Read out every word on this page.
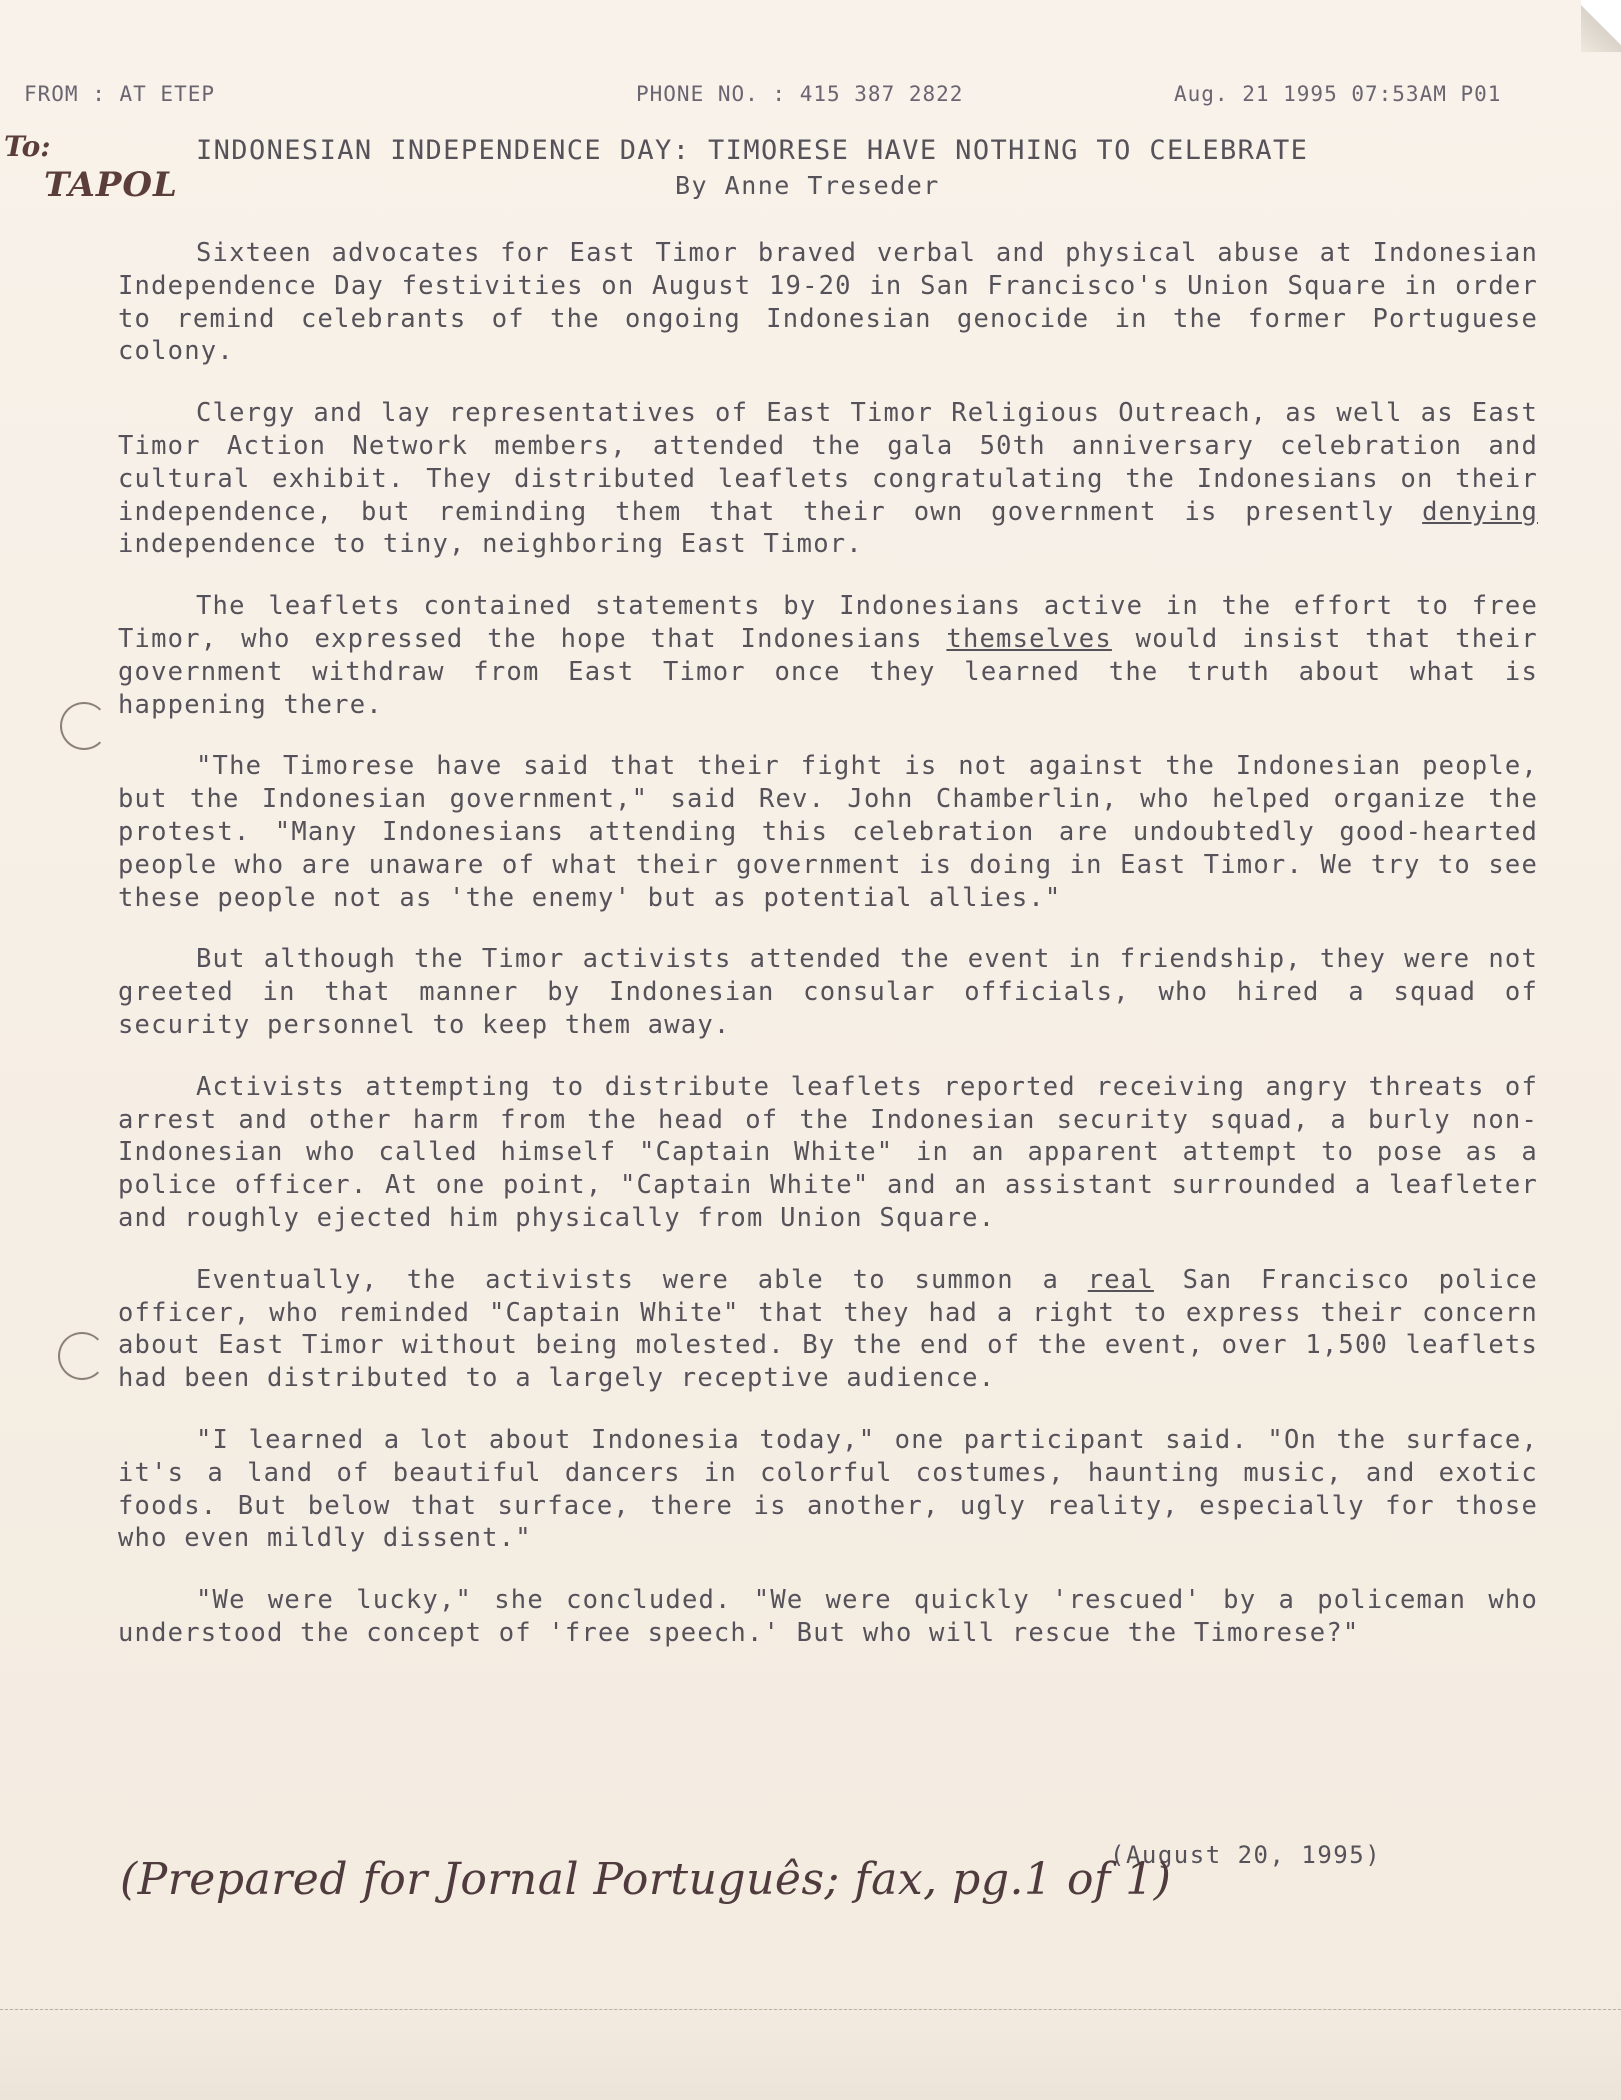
FROM : AT ETEP	PHONE NO. : 415 387 2822	Aug. 21 1995 07:53AM P01
To:
TAPOL
INDONESIAN INDEPENDENCE DAY: TIMORESE HAVE NOTHING TO CELEBRATE
By Anne Treseder

Sixteen advocates for East Timor braved verbal and physical abuse at Indonesian Independence Day festivities on August 19-20 in San Francisco's Union Square in order to remind celebrants of the ongoing Indonesian genocide in the former Portuguese colony.

Clergy and lay representatives of East Timor Religious Outreach, as well as East Timor Action Network members, attended the gala 50th anniversary celebration and cultural exhibit. They distributed leaflets congratulating the Indonesians on their independence, but reminding them that their own government is presently denying independence to tiny, neighboring East Timor.

The leaflets contained statements by Indonesians active in the effort to free Timor, who expressed the hope that Indonesians themselves would insist that their government withdraw from East Timor once they learned the truth about what is happening there.

"The Timorese have said that their fight is not against the Indonesian people, but the Indonesian government," said Rev. John Chamberlin, who helped organize the protest. "Many Indonesians attending this celebration are undoubtedly good-hearted people who are unaware of what their government is doing in East Timor. We try to see these people not as 'the enemy' but as potential allies."

But although the Timor activists attended the event in friendship, they were not greeted in that manner by Indonesian consular officials, who hired a squad of security personnel to keep them away.

Activists attempting to distribute leaflets reported receiving angry threats of arrest and other harm from the head of the Indonesian security squad, a burly non-Indonesian who called himself "Captain White" in an apparent attempt to pose as a police officer. At one point, "Captain White" and an assistant surrounded a leafleter and roughly ejected him physically from Union Square.

Eventually, the activists were able to summon a real San Francisco police officer, who reminded "Captain White" that they had a right to express their concern about East Timor without being molested. By the end of the event, over 1,500 leaflets had been distributed to a largely receptive audience.

"I learned a lot about Indonesia today," one participant said. "On the surface, it's a land of beautiful dancers in colorful costumes, haunting music, and exotic foods. But below that surface, there is another, ugly reality, especially for those who even mildly dissent."

"We were lucky," she concluded. "We were quickly 'rescued' by a policeman who understood the concept of 'free speech.' But who will rescue the Timorese?"

(August 20, 1995)
(Prepared for Jornal Português; fax, pg.1 of 1)
